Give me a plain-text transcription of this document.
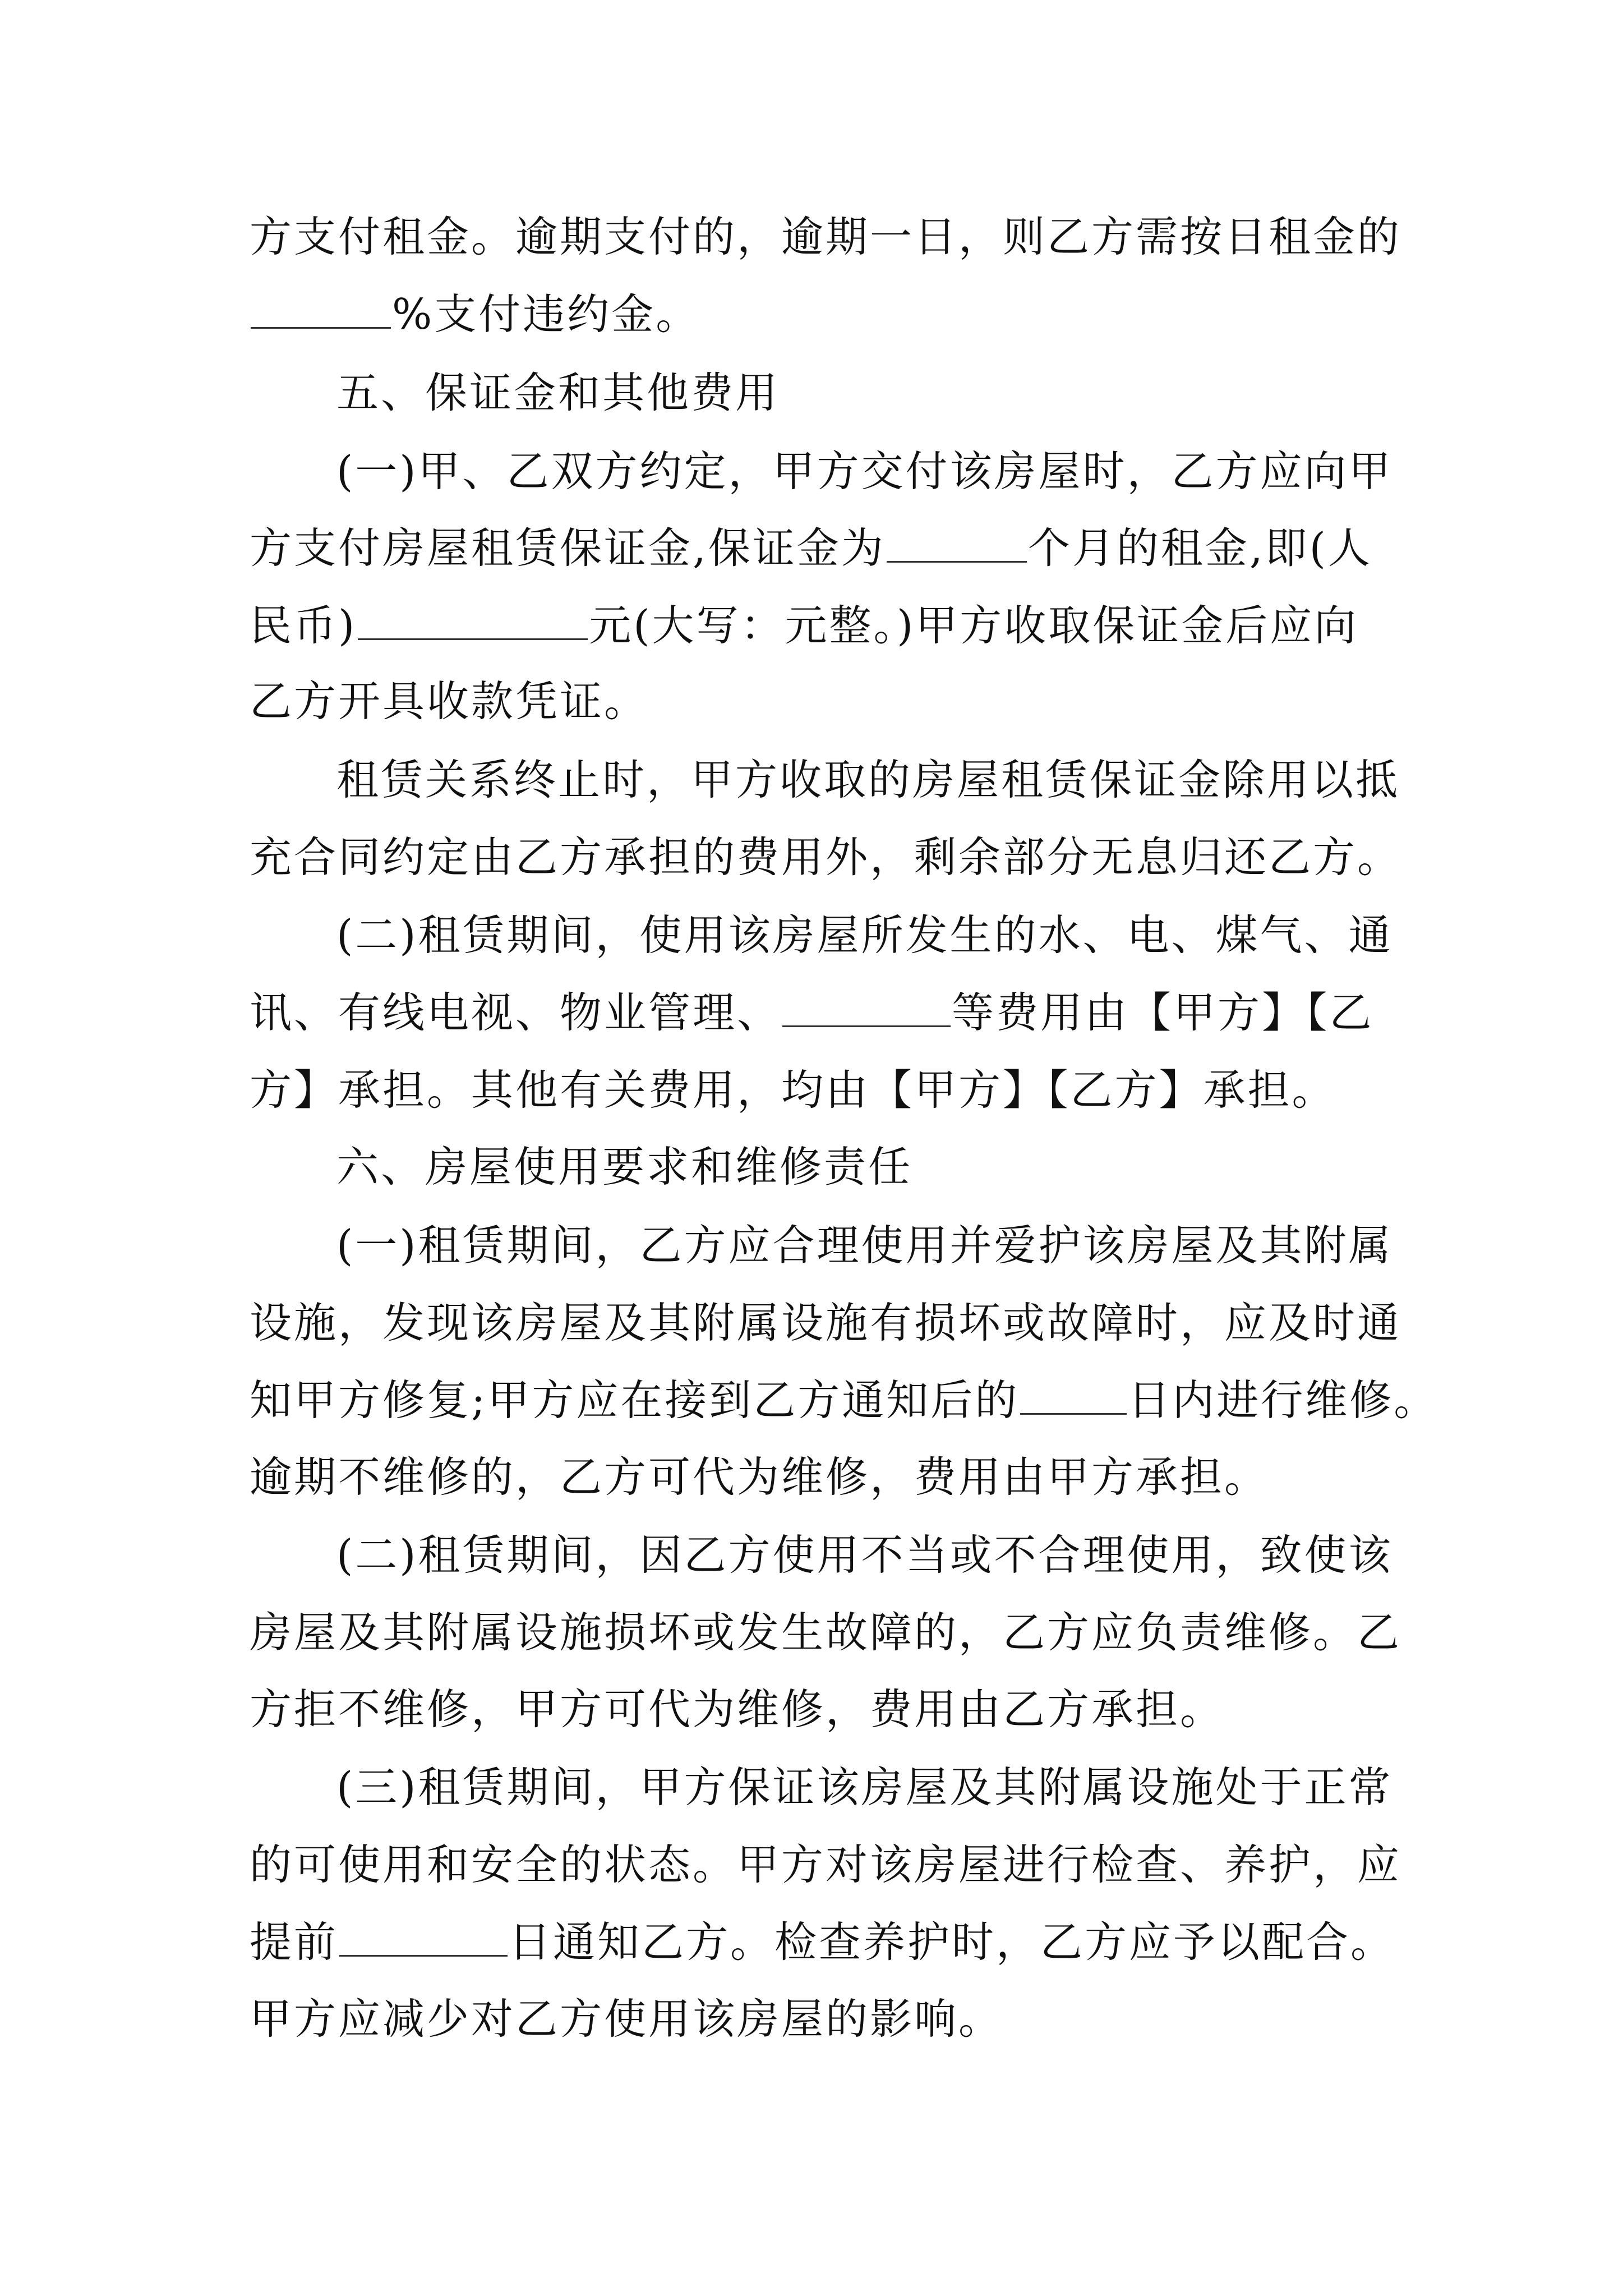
方支付租金。逾期支付的，逾期一日，则乙方需按日租金的
%支付违约金。
五、保证金和其他费用
(一)甲、乙双方约定，甲方交付该房屋时，乙方应向甲
方支付房屋租赁保证金,保证金为	个月的租金,即(人
民币)	元(大写：元整。)甲方收取保证金后应向
乙方开具收款凭证。
租赁关系终止时，甲方收取的房屋租赁保证金除用以抵
充合同约定由乙方承担的费用外，剩余部分无息归还乙方。
(二)租赁期间，使用该房屋所发生的水、电、煤气、通
讯、有线电视、物业管理、	等费用由【甲方】【乙
方】承担。其他有关费用，均由【甲方】【乙方】承担。
六、房屋使用要求和维修责任
(一)租赁期间，乙方应合理使用并爱护该房屋及其附属
设施，发现该房屋及其附属设施有损坏或故障时，应及时通
知甲方修复;甲方应在接到乙方通知后的	日内进行维修。
逾期不维修的，乙方可代为维修，费用由甲方承担。
(二)租赁期间，因乙方使用不当或不合理使用，致使该
房屋及其附属设施损坏或发生故障的，乙方应负责维修。乙
方拒不维修，甲方可代为维修，费用由乙方承担。
(三)租赁期间，甲方保证该房屋及其附属设施处于正常
的可使用和安全的状态。甲方对该房屋进行检查、养护，应
提前	日通知乙方。检查养护时，乙方应予以配合。
甲方应减少对乙方使用该房屋的影响。
